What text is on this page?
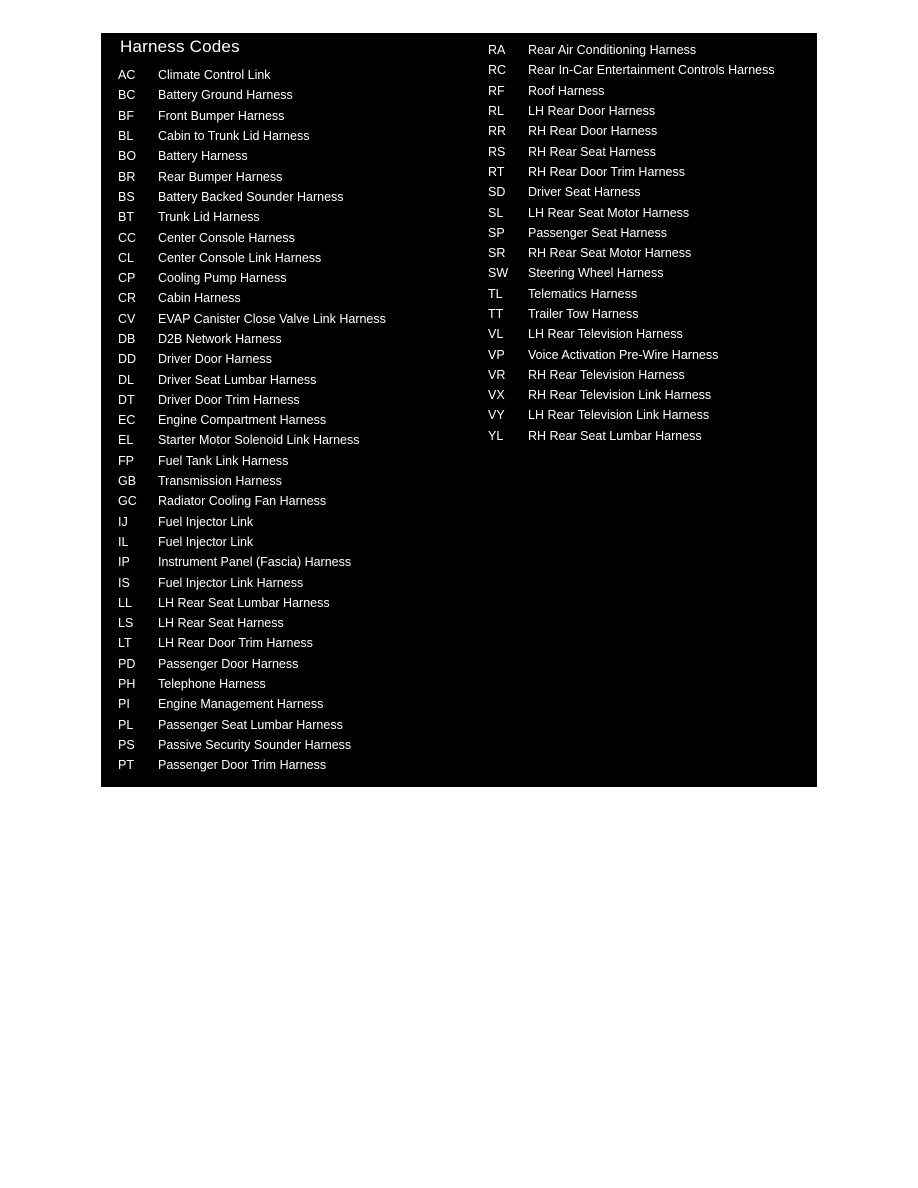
Harness Codes
AC	Climate Control Link
BC	Battery Ground Harness
BF	Front Bumper Harness
BL	Cabin to Trunk Lid Harness
BO	Battery Harness
BR	Rear Bumper Harness
BS	Battery Backed Sounder Harness
BT	Trunk Lid Harness
CC	Center Console Harness
CL	Center Console Link Harness
CP	Cooling Pump Harness
CR	Cabin Harness
CV	EVAP Canister Close Valve Link Harness
DB	D2B Network Harness
DD	Driver Door Harness
DL	Driver Seat Lumbar Harness
DT	Driver Door Trim Harness
EC	Engine Compartment Harness
EL	Starter Motor Solenoid Link Harness
FP	Fuel Tank Link Harness
GB	Transmission Harness
GC	Radiator Cooling Fan Harness
IJ	Fuel Injector Link
IL	Fuel Injector Link
IP	Instrument Panel (Fascia) Harness
IS	Fuel Injector Link Harness
LL	LH Rear Seat Lumbar Harness
LS	LH Rear Seat Harness
LT	LH Rear Door Trim Harness
PD	Passenger Door Harness
PH	Telephone Harness
PI	Engine Management Harness
PL	Passenger Seat Lumbar Harness
PS	Passive Security Sounder Harness
PT	Passenger Door Trim Harness
RA	Rear Air Conditioning Harness
RC	Rear In-Car Entertainment Controls Harness
RF	Roof Harness
RL	LH Rear Door Harness
RR	RH Rear Door Harness
RS	RH Rear Seat Harness
RT	RH Rear Door Trim Harness
SD	Driver Seat Harness
SL	LH Rear Seat Motor Harness
SP	Passenger Seat Harness
SR	RH Rear Seat Motor Harness
SW	Steering Wheel Harness
TL	Telematics Harness
TT	Trailer Tow Harness
VL	LH Rear Television Harness
VP	Voice Activation Pre-Wire Harness
VR	RH Rear Television Harness
VX	RH Rear Television Link Harness
VY	LH Rear Television Link Harness
YL	RH Rear Seat Lumbar Harness
